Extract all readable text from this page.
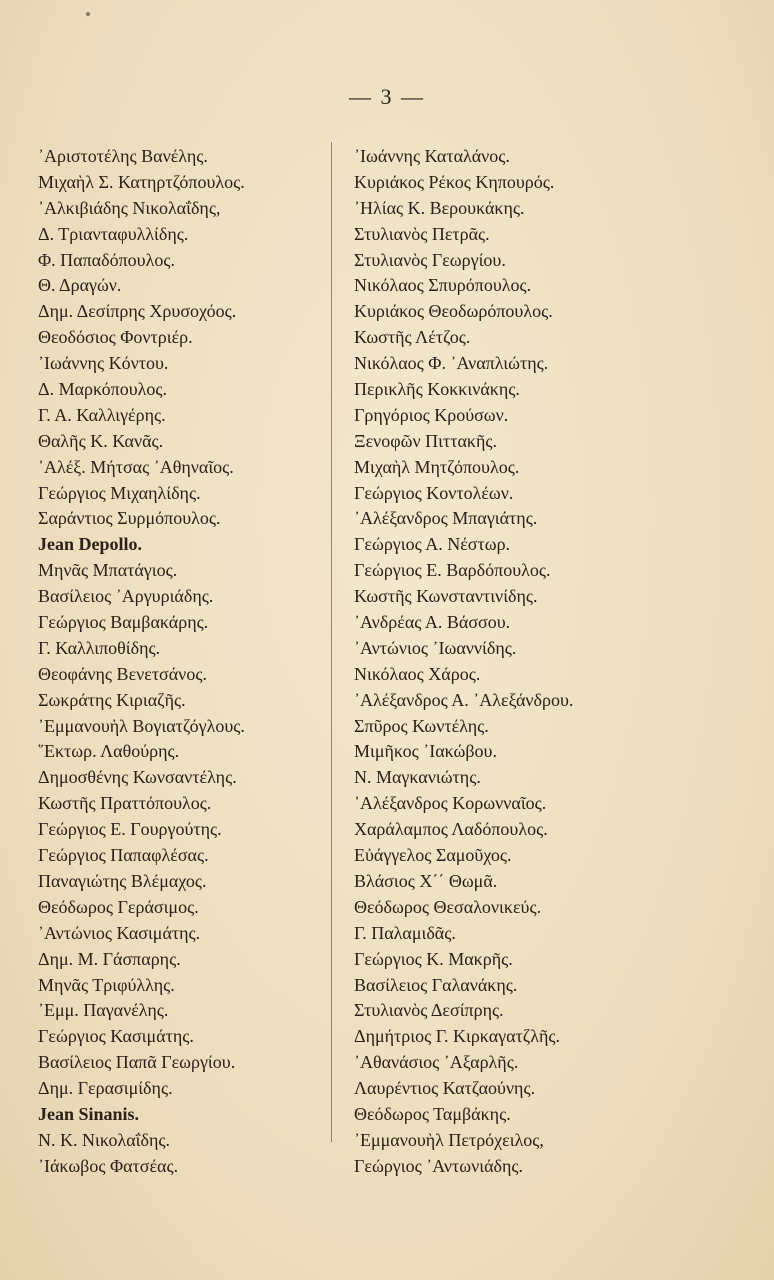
— 3 —
᾿Αριστοτέλης Βανέλης.
Μιχαὴλ Σ. Κατηρτζόπουλος.
᾿Αλκιβιάδης Νικολαΐδης,
Δ. Τριανταφυλλίδης.
Φ. Παπαδόπουλος.
Θ. Δραγών.
Δημ. Δεσίπρης Χρυσοχόος.
Θεοδόσιος Φοντριέρ.
᾿Ιωάννης Κόντου.
Δ. Μαρκόπουλος.
Γ. Α. Καλλιγέρης.
Θαλῆς Κ. Κανᾶς.
᾿Αλέξ. Μήτσας ᾿Αθηναῖος.
Γεώργιος Μιχαηλίδης.
Σαράντιος Συρμόπουλος.
Jean Depollo.
Μηνᾶς Μπατάγιος.
Βασίλειος ᾿Αργυριάδης.
Γεώργιος Βαμβακάρης.
Γ. Καλλιποθίδης.
Θεοφάνης Βενετσάνος.
Σωκράτης Κιριαζῆς.
᾿Εμμανουὴλ Βογιατζόγλους.
῞Εκτωρ. Λαθούρης.
Δημοσθένης Κωνσαντέλης.
Κωστῆς Πραττόπουλος.
Γεώργιος Ε. Γουργούτης.
Γεώργιος Παπαφλέσας.
Παναγιώτης Βλέμαχος.
Θεόδωρος Γεράσιμος.
᾿Αντώνιος Κασιμάτης.
Δημ. Μ. Γάσπαρης.
Μηνᾶς Τριφύλλης.
᾿Εμμ. Παγανέλης.
Γεώργιος Κασιμάτης.
Βασίλειος Παπᾶ Γεωργίου.
Δημ. Γερασιμίδης.
Jean Sinanis.
Ν. Κ. Νικολαΐδης.
᾿Ιάκωβος Φατσέας.
᾿Ιωάννης Καταλάνος.
Κυριάκος Ρέκος Κηπουρός.
᾿Ηλίας Κ. Βερουκάκης.
Στυλιανὸς Πετρᾶς.
Στυλιανὸς Γεωργίου.
Νικόλαος Σπυρόπουλος.
Κυριάκος Θεοδωρόπουλος.
Κωστῆς Λέτζος.
Νικόλαος Φ. ᾿Αναπλιώτης.
Περικλῆς Κοκκινάκης.
Γρηγόριος Κρούσων.
Ξενοφῶν Πιττακῆς.
Μιχαὴλ Μητζόπουλος.
Γεώργιος Κοντολέων.
᾿Αλέξανδρος Μπαγιάτης.
Γεώργιος Α. Νέστωρ.
Γεώργιος Ε. Βαρδόπουλος.
Κωστῆς Κωνσταντινίδης.
᾿Ανδρέας Α. Βάσσου.
᾿Αντώνιος ᾿Ιωαννίδης.
Νικόλαος Χάρος.
᾿Αλέξανδρος Α. ᾿Αλεξάνδρου.
Σπῦρος Κωντέλης.
Μιμῆκος ᾿Ιακώβου.
Ν. Μαγκανιώτης.
᾿Αλέξανδρος Κορωνναῖος.
Χαράλαμπος Λαδόπουλος.
Εὐάγγελος Σαμοῦχος.
Βλάσιος Χ΄΄ Θωμᾶ.
Θεόδωρος Θεσαλονικεύς.
Γ. Παλαμιδᾶς.
Γεώργιος Κ. Μακρῆς.
Βασίλειος Γαλανάκης.
Στυλιανὸς Δεσίπρης.
Δημήτριος Γ. Κιρκαγατζλῆς.
᾿Αθανάσιος ᾿Αξαρλῆς.
Λαυρέντιος Κατζαούνης.
Θεόδωρος Ταμβάκης.
᾿Εμμανουὴλ Πετρόχειλος,
Γεώργιος ᾿Αντωνιάδης.
